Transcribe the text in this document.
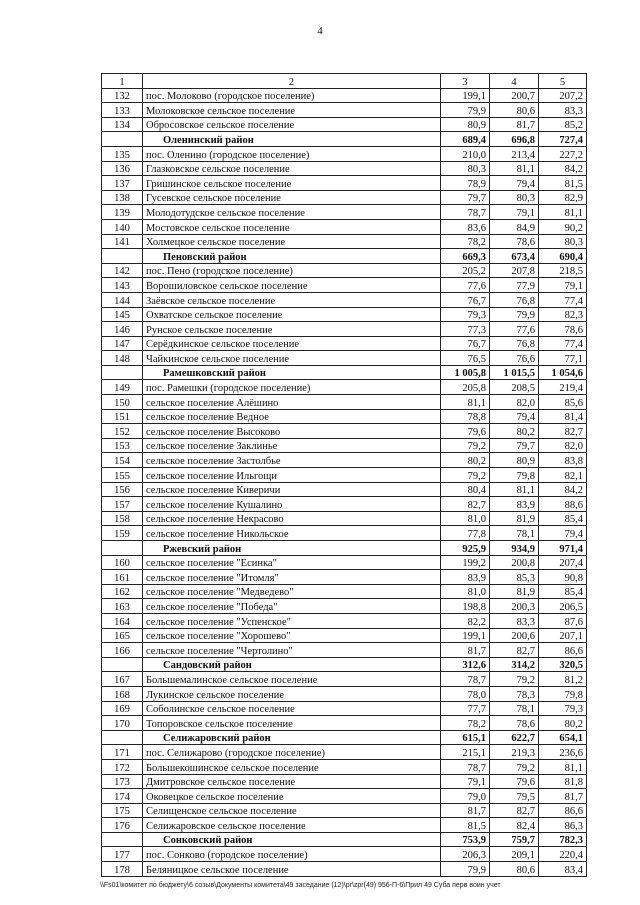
4
1	2	3	4	5
132	пос. Молоково (городское поселение)	199,1	200,7	207,2
133	Молоковское сельское поселение	79,9	80,6	83,3
134	Обросовское сельское поселение	80,9	81,7	85,2
	Оленинский район	689,4	696,8	727,4
135	пос. Оленино (городское поселение)	210,0	213,4	227,2
136	Глазковское сельское поселение	80,3	81,1	84,2
137	Гришинское сельское поселение	78,9	79,4	81,5
138	Гусевское сельское поселение	79,7	80,3	82,9
139	Молодотудское сельское поселение	78,7	79,1	81,1
140	Мостовское сельское поселение	83,6	84,9	90,2
141	Холмецкое сельское поселение	78,2	78,6	80,3
	Пеновский район	669,3	673,4	690,4
142	пос. Пено (городское поселение)	205,2	207,8	218,5
143	Ворошиловское сельское поселение	77,6	77,9	79,1
144	Заёвское сельское поселение	76,7	76,8	77,4
145	Охватское сельское поселение	79,3	79,9	82,3
146	Рунское сельское поселение	77,3	77,6	78,6
147	Серёдкинское сельское поселение	76,7	76,8	77,4
148	Чайкинское сельское поселение	76,5	76,6	77,1
	Рамешковский район	1 005,8	1 015,5	1 054,6
149	пос. Рамешки (городское поселение)	205,8	208,5	219,4
150	сельское поселение Алёшино	81,1	82,0	85,6
151	сельское поселение Ведное	78,8	79,4	81,4
152	сельское поселение Высоково	79,6	80,2	82,7
153	сельское поселение Заклинье	79,2	79,7	82,0
154	сельское поселение Застолбье	80,2	80,9	83,8
155	сельское поселение Ильгощи	79,2	79,8	82,1
156	сельское поселение Киверичи	80,4	81,1	84,2
157	сельское поселение Кушалино	82,7	83,9	88,6
158	сельское поселение Некрасово	81,0	81,9	85,4
159	сельское поселение Никольское	77,8	78,1	79,4
	Ржевский район	925,9	934,9	971,4
160	сельское поселение "Есинка"	199,2	200,8	207,4
161	сельское поселение "Итомля"	83,9	85,3	90,8
162	сельское поселение "Медведево"	81,0	81,9	85,4
163	сельское поселение "Победа"	198,8	200,3	206,5
164	сельское поселение "Успенское"	82,2	83,3	87,6
165	сельское поселение "Хорошево"	199,1	200,6	207,1
166	сельское поселение "Чертолино"	81,7	82,7	86,6
	Сандовский район	312,6	314,2	320,5
167	Большемалинское сельское поселение	78,7	79,2	81,2
168	Лукинское сельское поселение	78,0	78,3	79,8
169	Соболинское сельское поселение	77,7	78,1	79,3
170	Топоровское сельское поселение	78,2	78,6	80,2
	Селижаровский район	615,1	622,7	654,1
171	пос. Селижарово (городское поселение)	215,1	219,3	236,6
172	Большекошинское сельское поселение	78,7	79,2	81,1
173	Дмитровское сельское поселение	79,1	79,6	81,8
174	Оковецкое сельское поселение	79,0	79,5	81,7
175	Селищенское сельское поселение	81,7	82,7	86,6
176	Селижаровское сельское поселение	81,5	82,4	86,3
	Сонковский район	753,9	759,7	782,3
177	пос. Сонково (городское поселение)	206,3	209,1	220,4
178	Беляницкое сельское поселение	79,9	80,6	83,4
\\Fs01\комитет по бюджету\6 созыв\Документы комитета\49 заседание (12)\pr\zpr(49) 956-П-6\Прил 49 Суба перв воин учет
